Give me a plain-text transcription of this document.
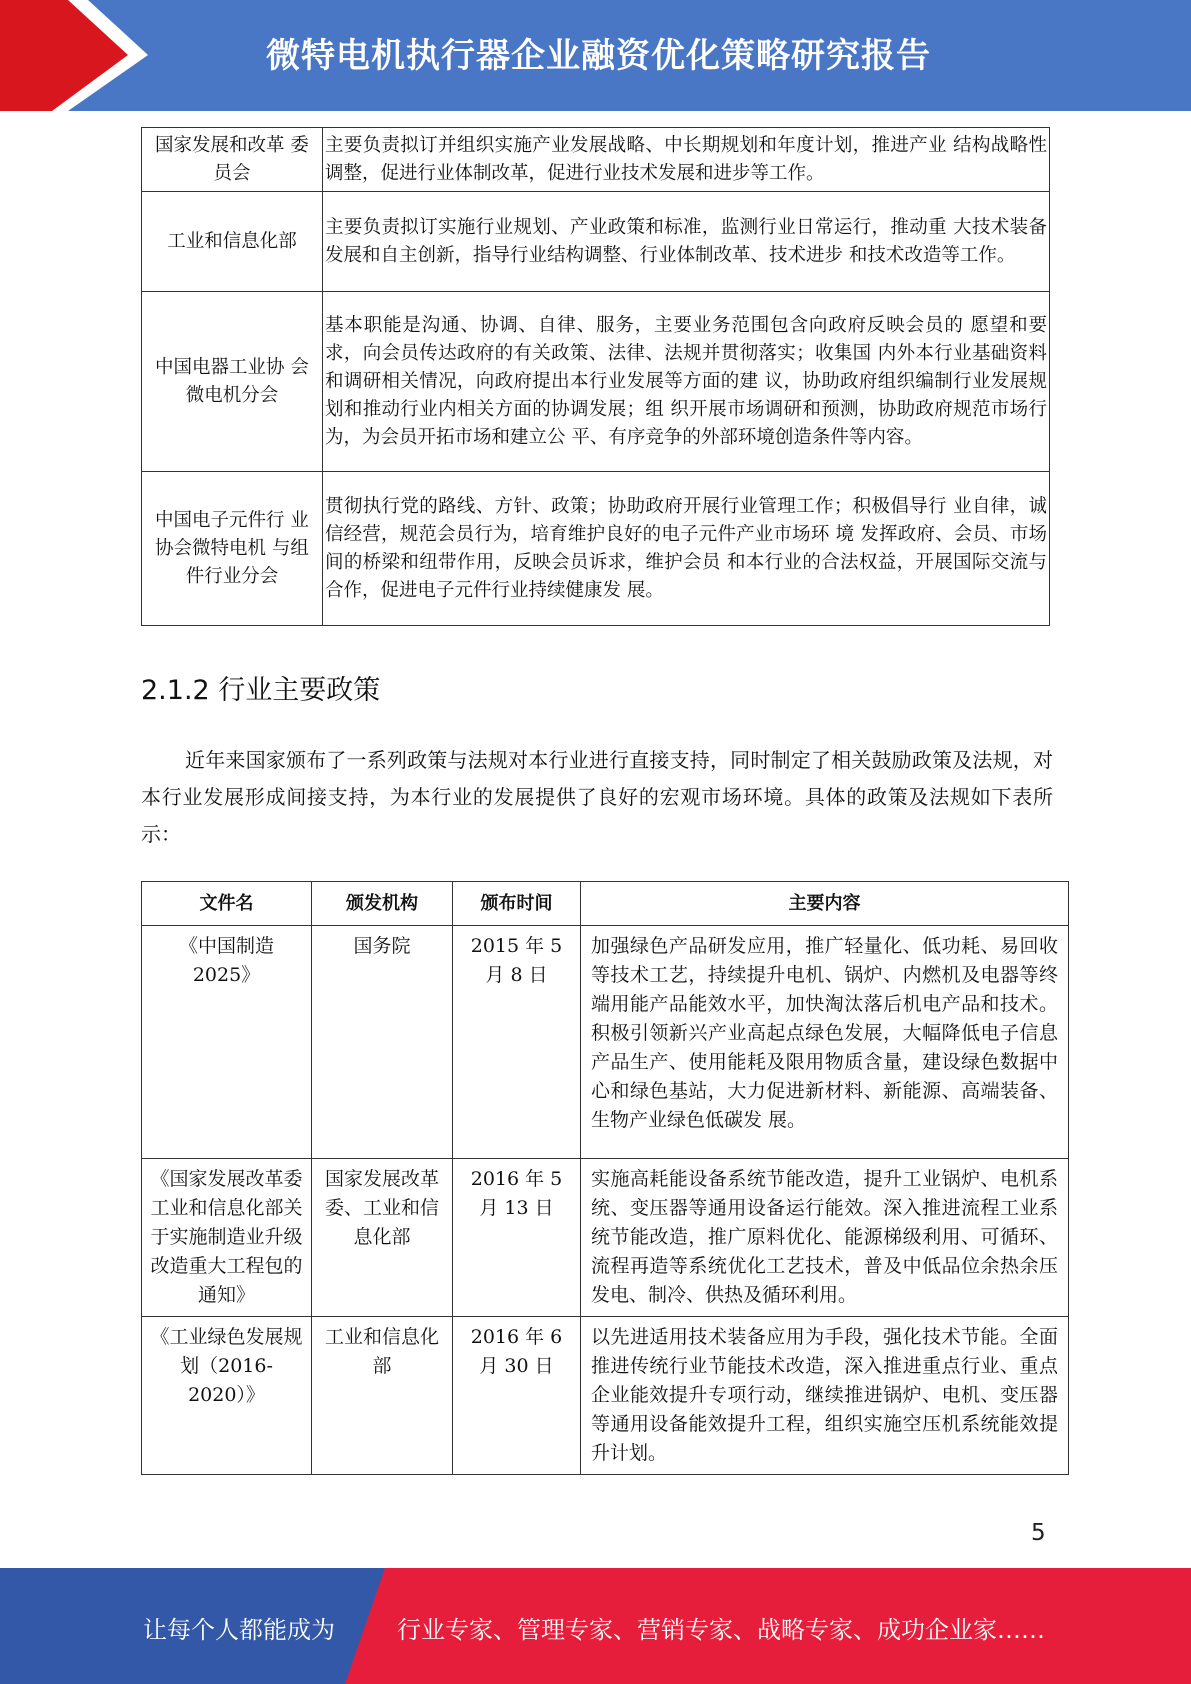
微特电机执行器企业融资优化策略研究报告
国家发展和改革 委员会	主要负责拟订并组织实施产业发展战略、中长期规划和年度计划，推进产业 结构战略性调整，促进行业体制改革，促进行业技术发展和进步等工作。
工业和信息化部	主要负责拟订实施行业规划、产业政策和标准，监测行业日常运行，推动重 大技术装备发展和自主创新，指导行业结构调整、行业体制改革、技术进步 和技术改造等工作。
中国电器工业协 会微电机分会	基本职能是沟通、协调、自律、服务，主要业务范围包含向政府反映会员的 愿望和要求，向会员传达政府的有关政策、法律、法规并贯彻落实；收集国 内外本行业基础资料和调研相关情况，向政府提出本行业发展等方面的建 议，协助政府组织编制行业发展规划和推动行业内相关方面的协调发展；组 织开展市场调研和预测，协助政府规范市场行为，为会员开拓市场和建立公 平、有序竞争的外部环境创造条件等内容。
中国电子元件行 业协会微特电机 与组件行业分会	贯彻执行党的路线、方针、政策；协助政府开展行业管理工作；积极倡导行 业自律，诚信经营，规范会员行为，培育维护良好的电子元件产业市场环 境 发挥政府、会员、市场间的桥梁和纽带作用，反映会员诉求，维护会员 和本行业的合法权益，开展国际交流与合作，促进电子元件行业持续健康发 展。
2.1.2 行业主要政策

近年来国家颁布了一系列政策与法规对本行业进行直接支持，同时制定了相关鼓励政策及法规，对本行业发展形成间接支持，为本行业的发展提供了良好的宏观市场环境。具体的政策及法规如下表所示：

文件名	颁发机构	颁布时间	主要内容
《中国制造 2025》	国务院	2015 年 5 月 8 日	加强绿色产品研发应用，推广轻量化、低功耗、易回收等技术工艺，持续提升电机、锅炉、内燃机及电器等终端用能产品能效水平，加快淘汰落后机电产品和技术。积极引领新兴产业高起点绿色发展，大幅降低电子信息产品生产、使用能耗及限用物质含量，建设绿色数据中心和绿色基站，大力促进新材料、新能源、高端装备、生物产业绿色低碳发 展。
《国家发展改革委工业和信息化部关于实施制造业升级改造重大工程包的通知》	国家发展改革委、工业和信息化部	2016 年 5 月 13 日	实施高耗能设备系统节能改造，提升工业锅炉、电机系统、变压器等通用设备运行能效。深入推进流程工业系统节能改造，推广原料优化、能源梯级利用、可循环、流程再造等系统优化工艺技术，普及中低品位余热余压发电、制冷、供热及循环利用。
《工业绿色发展规划（2016-2020）》	工业和信息化部	2016 年 6 月 30 日	以先进适用技术装备应用为手段，强化技术节能。全面推进传统行业节能技术改造，深入推进重点行业、重点企业能效提升专项行动，继续推进锅炉、电机、变压器等通用设备能效提升工程，组织实施空压机系统能效提升计划。
5
让每个人都能成为	行业专家、管理专家、营销专家、战略专家、成功企业家……
